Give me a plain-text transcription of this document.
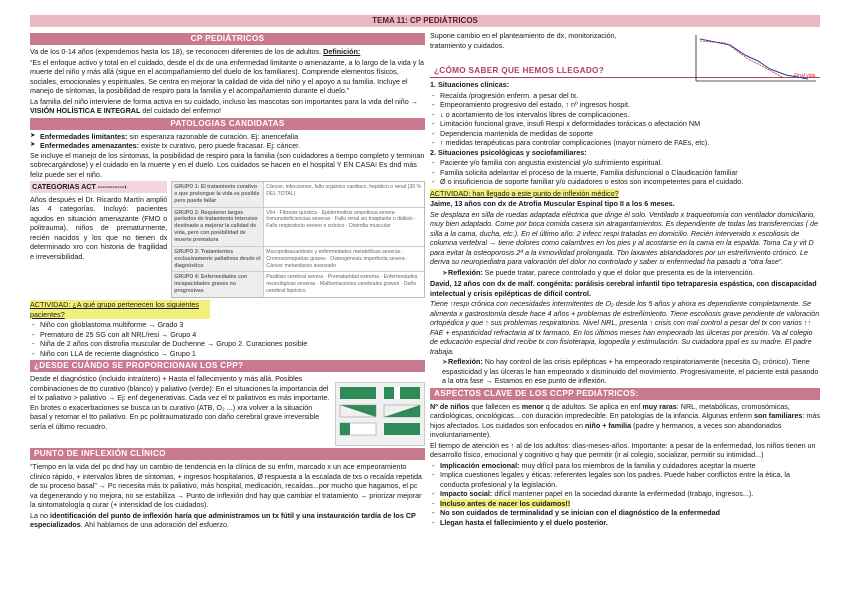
TEMA 11: CP PEDIÁTRICOS
CP PEDIÁTRICOS

Va de los 0-14 años (expendemos hasta los 18), se reconocen diferentes de los de adultos. Definición:

“Es el enfoque activo y total en el cuidado, desde el dx de una enfermedad limitante o amenazante, a lo largo de la vida y la muerte del niño y más allá (sigue en el acompañamiento del duelo de los familiares). Comprende elementos físicos, sociales, emocionales y espirituales. Se centra en mejorar la calidad de vida del niño y el apoyo a su familia. Incluye el manejo de síntomas, la posibilidad de respiro para la familia y el acompañamiento durante el duelo.”

La familia del niño interviene de forma activa en su cuidado, incluso las mascotas son importantes para la vida del niño → VISIÓN HOLÍSTICA E INTEGRAL del cuidado del enfermo!

PATOLOGIAS CANDIDATAS
➤ Enfermedades limitantes: sin esperanza razonable de curación. Ej: anencefalia
➤ Enfermedades amenazantes: existe tx curativo, pero puede fracasar. Ej: cáncer.

Se incluye el manejo de los síntomas, la posibilidad de respiro para la familia (son cuidadores a tiempo completo y terminan sobrecargándose) y el cuidado en la muerte y en el duelo. Los cuidados se hacen en el hospital Y EN CASA! Es dnd más feliz puede ser el niño.

CATEGORIAS ACT -----------›

Años después el Dr. Ricardo Martín amplió las 4 categorías. Incluyó: pacientes agudos en situación amenazante (FMO o politrauma), niños de prematurmente, recién nacidos y los que no tienen dx determinado xro con historia de fragilidad e irreversibilidad.

GRUPO 1: El tratamiento curativo o que prolongue la vida es posible pero puede fallar
Cáncer, infecciones, fallo orgánico cardiaco, hepático o renal (30 % DEL TOTAL)
GRUPO 2: Requieren largos periodos de tratamiento intensivo destinado a mejorar la calidad de vida, pero con posibilidad de muerte prematura
VIH · Fibrosis quística · Epidermolisis ampollosa severa · Inmunodeficiencias severas · Fallo renal sin trasplante o diálisis · Fallo respiratorio severo o crónico · Distrofia muscular
GRUPO 3: Tratamientos exclusivamente paliativos desde el diagnóstico
Mucopolisacaridosis y enfermedades metabólicas severas · Cromosomopatías graves · Osteogénesis imperfecta severa · Cáncer metastásico avanzado
GRUPO 4: Enfermedades con incapacidades graves no progresivas
Parálisis cerebral severa · Prematuridad extrema · Enfermedades neurológicas severas · Malformaciones cerebrales graves · Daño cerebral hipóxico

ACTIVIDAD: ¿A qué grupo pertenecen los siguientes pacientes?

- Niño con glioblastoma multiforme → Grado 3
- Prematuro de 25 SG con alt NRL/resi → Grupo 4
- Niña de 2 años con distrofia muscular de Duchenne → Grupo 2. Curaciones posible
- Niño con LLA de reciente diagnóstico → Grupo 1
¿DESDE CUÁNDO SE PROPORCIONAN LOS CPP?

Desde el diagnóstico (incluido intraútero) + Hasta el fallecimiento y más allá. Posibles combinaciones de tto curativo (blanco) y paliativo (verde): En el situaciones la importancia del el tx paliativo > paliativo → Ej: enf degenerativas. Cada vez el tx paliativos es más importante. En brotes o exacerbaciones se busca un tx curativo (ATB, O₂ ...) xra volver a la situación basal y retomar el tto paliativo. En pc politraumatizado con daño cerebral grave irreversible sería el último recuadro.

PUNTO DE INFLEXIÓN CLÍNICO

“Tiempo en la vida del pc dnd hay un cambio de tendencia en la clínica de su enfm, marcado x un ace empeoramiento clínico rápido, + intervalos libres de síntomas, + ingresos hospitalarios, Ø respuesta a la escalada de txs o recaída repetida de su proceso basal” → Pc necesita más tx paliativo, más hospital, medicación, recaídas...por mucho que hagamos, el pc va degenerando y no mejora, no se estabiliza → Punto de inflexión dnd hay que cambiar el tratamiento → priorizar mejorar la sintomatología q curar (+ intensidad de los cuidados).

La no identificación del punto de inflexión haría que administramos un tx fútil y una instauración tardía de los CP especializados. Ahí hablamos de una adoración del esfuerzo.

Supone cambio en el planteamiento de dx, monitorización, tratamiento y cuidados.

Final vida
¿CÓMO SABER QUE HEMOS LLEGADO?

1. Situaciones clínicas:

- Recaída /progresión enferm. a pesar del tx.
- Empeoramiento progresivo del estado, ↑ nº ingresos hospit.
- ↓ o acortamiento de los intervalos libres de complicaciones.
- Limitación funcional grave, insufi Respi x deformidades torácicas o afectación NM
- Dependencia mantenida de medidas de soporte
- ↑ medidas terapéuticas para controlar complicaciones (mayor número de FAEs, etc).

2. Situaciones psicológicas y sociofamiliares:

- Paciente y/o familia con angustia existencial y/o sufrimiento espiritual.
- Familia solicita adelantar el proceso de la muerte, Familia disfuncional o Claudicación familiar
- Ø o insuficiencia de soporte familiar y/o cuidadores o estos son incompetentes para el cuidado.

ACTIVIDAD: han llegado a este punto de inflexión médico?

Jaime, 13 años con dx de Atrofia Muscular Espinal tipo II a los 6 meses.

Se desplaza en silla de ruedas adaptada eléctrica que dirige él solo. Ventilado x traqueotomía con ventilador domiciliario, muy bien adaptado. Come por boca comida casera sin atragantamientos. Es dependiente de todas las transferencias ( de silla a la cama, ducha, etc.). En el último año: 2 infecc respi tratadas en domicilio. Recién intervenido x escoliosis de columna vertebral → tiene dolores como calambres en los pies y al acostarse en la cama en la espalda. Toma Ca y vit D para evitar la osteoporosis 2ª a la inmovilidad prolongada. Tbn laxantes ablandadores por un estreñimiento crónico. Le deriva su neuropediatra para valoración del dolor no controlado y saber si enfermedad ha pasado a “otra fase”.

➤Reflexión: Se puede tratar, parece controlado y que el dolor que presenta es de la intervención.

David, 12 años con dx de malf. congénita: parálisis cerebral infantil tipo tetraparesia espástica, con discapacidad intelectual y crisis epilépticas de difícil control.

Tiene ↑respi crónica con necesidades intermitentes de O₂ desde los 5 años y ahora es dependiente completamente. Se alimenta x gastrostomía desde hace 4 años + problemas de estreñimiento. Tiene escoliosis grave pendiente de valoración ortopédica y que ↑ sus problemas respiratorios. Nivel NRL, presenta ↑ crisis con mal control a pesar del tx con varios ↑↑ FAE + espasticidad refractaria al tx farmaco. En los últimos meses han empeorado las úlceras por presión. Va al colegio de educación especial dnd recibe tx con fisioterapia, logopedia y estimulación. Su cuidadora ppal es su madre. El padre trabaja.

➤Reflexión: No hay control de las crisis epilépticas + ha empeorado respiratoriamente (necesita O₂ crónico). Tiene espasticidad y las úlceras le han empeorado x disminuido del movimiento. Progresivamente, el paciente está pasando a la otra fase → Estamos en ese punto de inflexión.

ASPECTOS CLAVE DE LOS CCPP PEDIÁTRICOS:

Nº de niños que fallecen es menor q de adultos. Se aplica en enf muy raras: NRL, metabólicas, cromosómicas, cardiológicas, oncológicas... con duración impredecible. En patologías de la infancia. Algunas enferm son familiares: más hijos afectados. Los cuidados son enfocados en niño + familia (padre y hermanos, a veces son abandonados involuntariamente).

El tiempo de atención es ↑ al de los adultos: días-meses-años. Importante: a pesar de la enfermedad, los niños tienen un desarrollo físico, emocional y cognitivo q hay que permitir (ir al colegio, socializar, permitir su intimidad...)

- Implicación emocional: muy difícil para los miembros de la familia y cuidadores aceptar la muerte
- Implica cuestiones legales y éticas: referentes legales son los padres. Puede haber conflictos entre la ética, la conducta profesional y la legislación.
- Impacto social: difícil mantener papel en la sociedad durante la enfermedad (trabajo, ingresos...).
- Incluso antes de nacer los cuidamos!!
- No son cuidados de terminalidad y se inician con el diagnóstico de la enfermedad
- Llegan hasta el fallecimiento y el duelo posterior.
